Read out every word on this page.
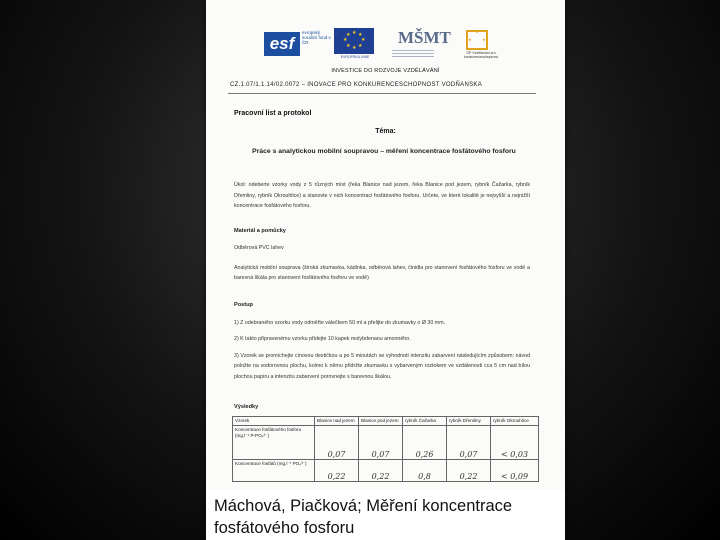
esf
evropský sociální fond v ČR
★ ★
★
★
★
★
★
★
EVROPSKÁ UNIE
MŠMT	★
★
★
OP Vzdělávání pro konkurenceschopnost
INVESTICE DO ROZVOJE VZDĚLÁVÁNÍ
CZ.1.07/1.1.14/02.0072 – INOVACE PRO KONKURENCESCHOPNOST VODŇANSKA
Pracovní list a protokol
Téma:
Práce s analytickou mobilní soupravou – měření koncentrace fosfátového fosforu
Úkol: odeberte vzorky vody z 5 různých míst (řeka Blanice nad jezem, řeka Blanice pod jezem, rybník Čažarka, rybník Dřemliny, rybník Okrouhlice) a stanovte v nich koncentraci fosfátového fosforu. Určete, ve které lokalitě je nejvyšší a nejnižší koncentrace fosfátového fosforu.
Materiál a pomůcky
Odběrová PVC lahev
Analytická mobilní souprava (široká zkumavka, kádinka, odběrová lahev, činidla pro stanovení fosfátového fosforu ve vodě a barevná škála pro stanovení fosfátového fosforu ve vodě)
Postup
1) Z odebraného vzorku vody odměřte válečkem 50 ml a přelijte do zkumavky o Ø 30 mm.
2) K takto připravenému vzorku přidejte 10 kapek molybdenanu amonného.
3) Vzorek se promíchejte cínovou destičkou a po 5 minutách se vyhodnotí intenzitu zabarvení následujícím způsobem: návod položte na vodorovnou plochu, kolmo k němu přidržte zkumavku s vybarveným roztokem ve vzdálenosti cca 5 cm nad bílou plochou papíru a intenzitu zabarvení porovnejte s barevnou škálou.
Výsledky
Vzorek	Blanice nad jezem	Blanice pod jezem	rybník Čažarka	rybník Dřemliny	rybník Okrouhlice
Koncentrace fosfátového fosforu (mg.l⁻¹ P-PO₄³⁻)	0,07	0,07	0,26	0,07	< 0,03
Koncentrace fosfátů (mg.l⁻¹ PO₄³⁻)	0,22	0,22	0,8	0,22	< 0,09
Máchová, Piačková; Měření koncentrace fosfátového fosforu
